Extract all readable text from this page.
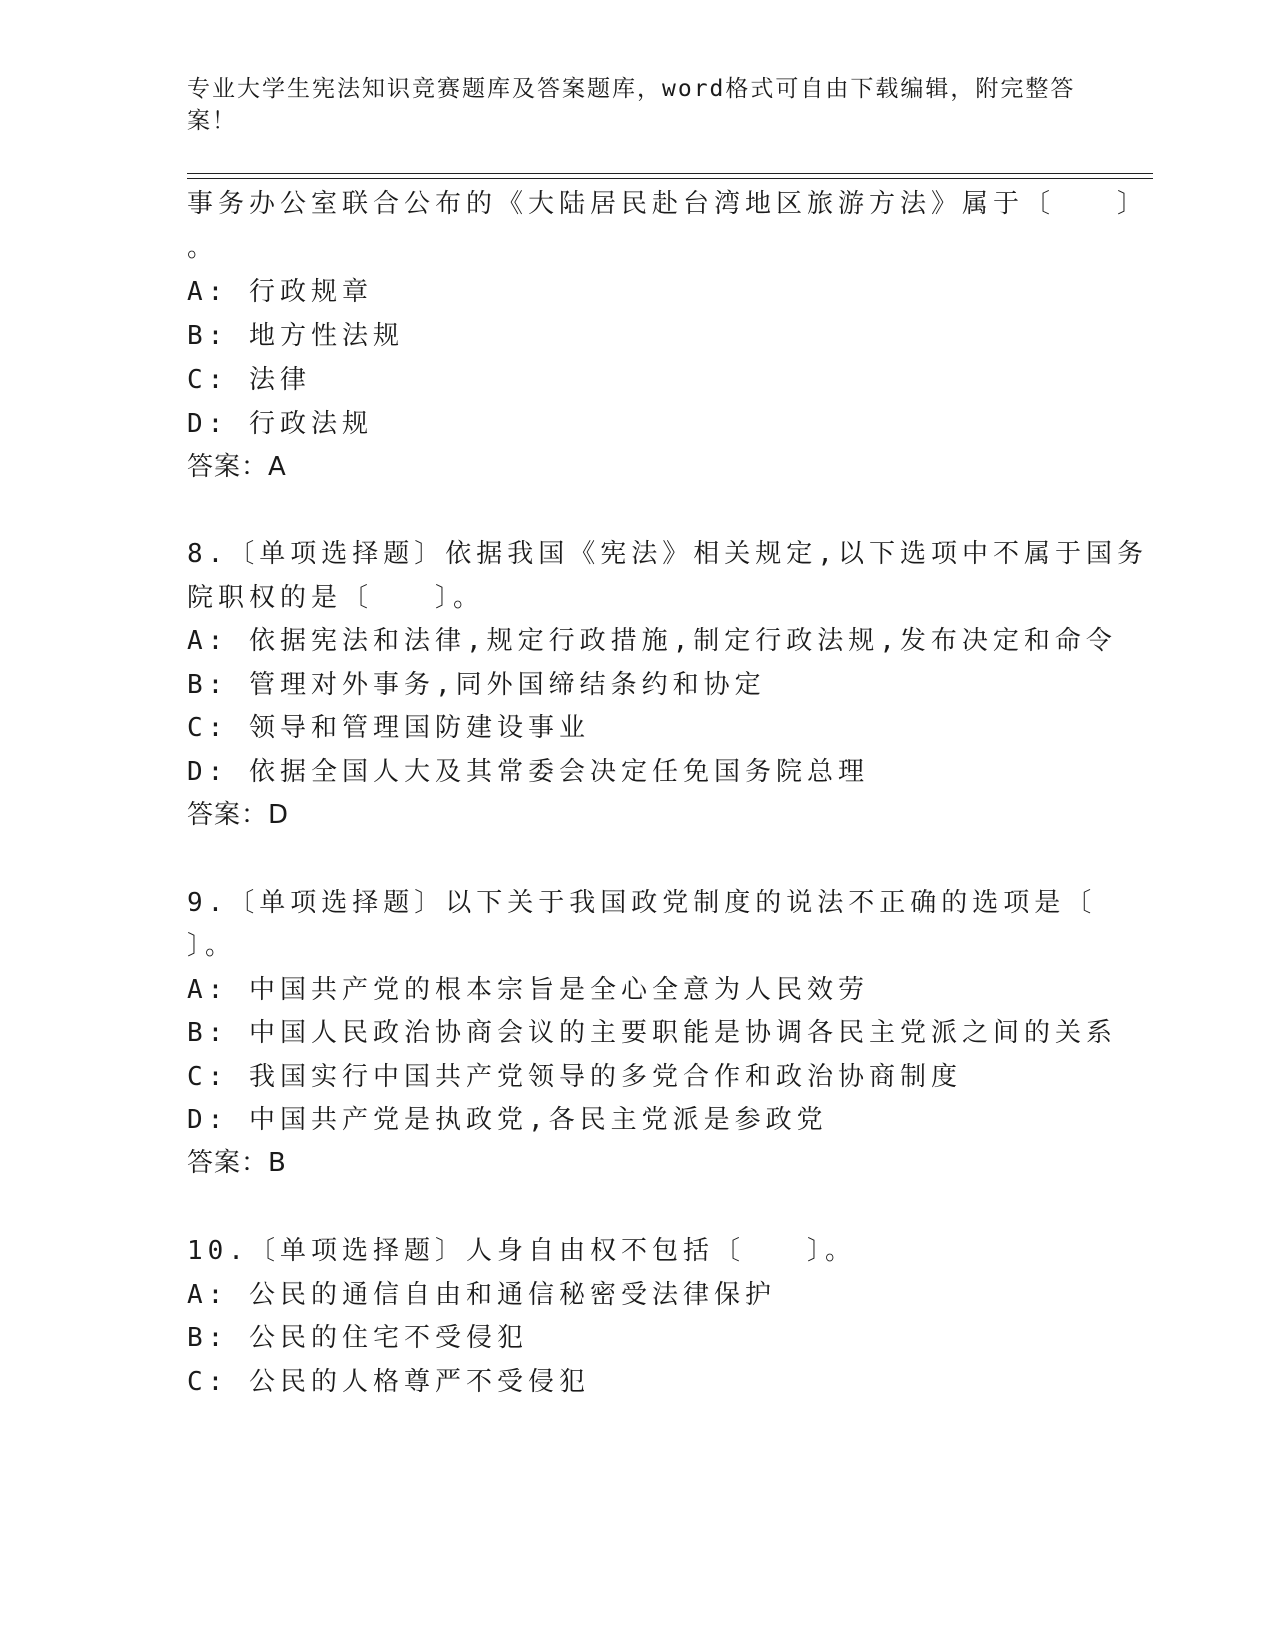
专业大学生宪法知识竞赛题库及答案题库，word格式可自由下载编辑，附完整答
案！
事务办公室联合公布的《大陆居民赴台湾地区旅游方法》属于〔　　〕
。
A: 行政规章
B: 地方性法规
C: 法律
D: 行政法规
答案：A
8.〔单项选择题〕依据我国《宪法》相关规定,以下选项中不属于国务
院职权的是〔　　〕。
A: 依据宪法和法律,规定行政措施,制定行政法规,发布决定和命令
B: 管理对外事务,同外国缔结条约和协定
C: 领导和管理国防建设事业
D: 依据全国人大及其常委会决定任免国务院总理
答案：D
9.〔单项选择题〕以下关于我国政党制度的说法不正确的选项是〔
〕。
A: 中国共产党的根本宗旨是全心全意为人民效劳
B: 中国人民政治协商会议的主要职能是协调各民主党派之间的关系
C: 我国实行中国共产党领导的多党合作和政治协商制度
D: 中国共产党是执政党,各民主党派是参政党
答案：B
10.〔单项选择题〕人身自由权不包括〔　　〕。
A: 公民的通信自由和通信秘密受法律保护
B: 公民的住宅不受侵犯
C: 公民的人格尊严不受侵犯
